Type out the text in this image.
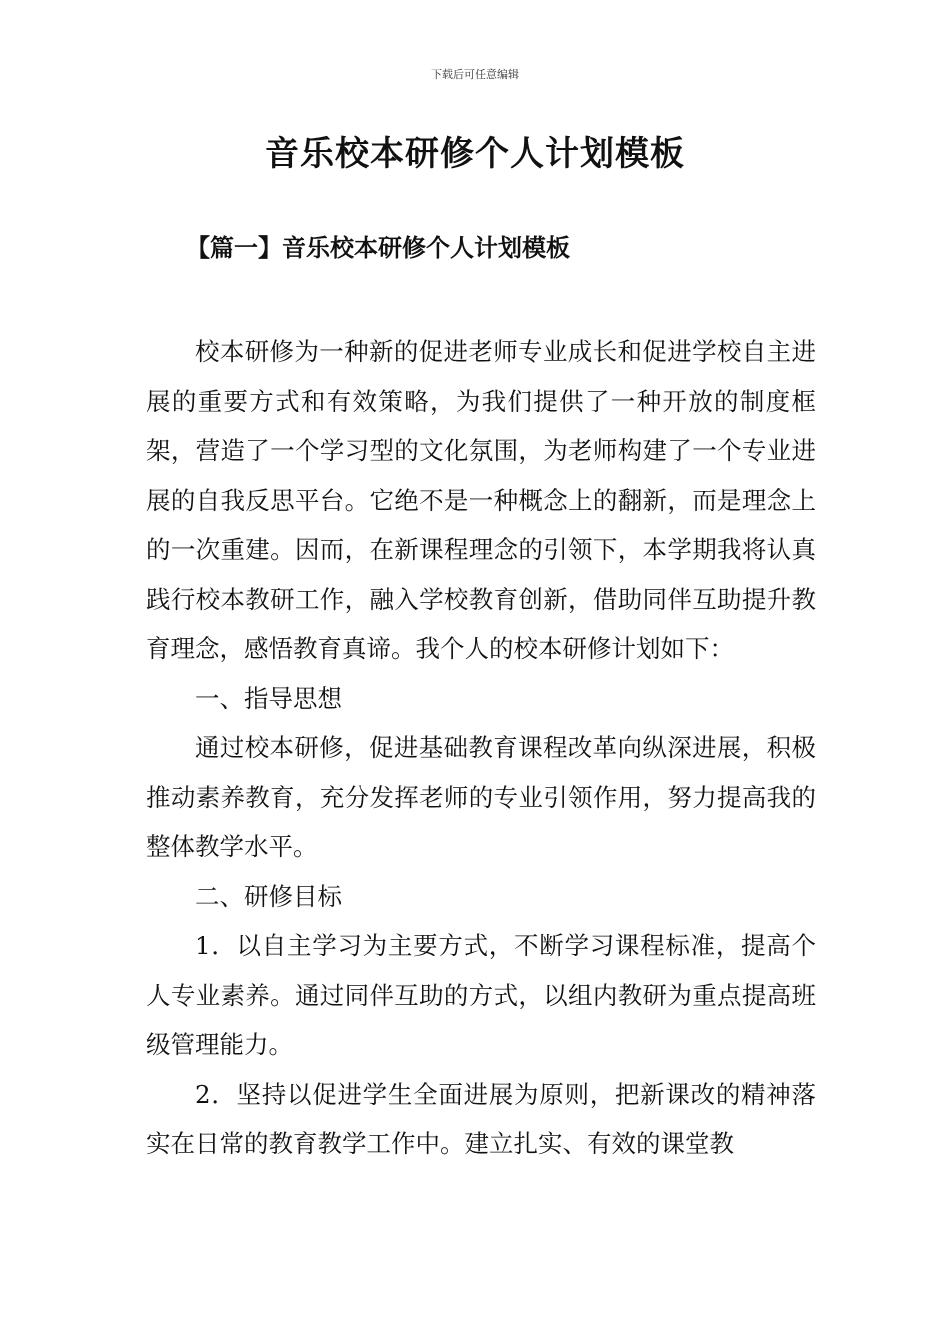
下载后可任意编辑
音乐校本研修个人计划模板
【篇一】音乐校本研修个人计划模板

校本研修为一种新的促进老师专业成长和促进学校自主进展的重要方式和有效策略，为我们提供了一种开放的制度框架，营造了一个学习型的文化氛围，为老师构建了一个专业进展的自我反思平台。它绝不是一种概念上的翻新，而是理念上的一次重建。因而，在新课程理念的引领下，本学期我将认真践行校本教研工作，融入学校教育创新，借助同伴互助提升教育理念，感悟教育真谛。我个人的校本研修计划如下：

一、指导思想

通过校本研修，促进基础教育课程改革向纵深进展，积极推动素养教育，充分发挥老师的专业引领作用，努力提高我的整体教学水平。

二、研修目标

1．以自主学习为主要方式，不断学习课程标准，提高个人专业素养。通过同伴互助的方式，以组内教研为重点提高班级管理能力。

2．坚持以促进学生全面进展为原则，把新课改的精神落实在日常的教育教学工作中。建立扎实、有效的课堂教
